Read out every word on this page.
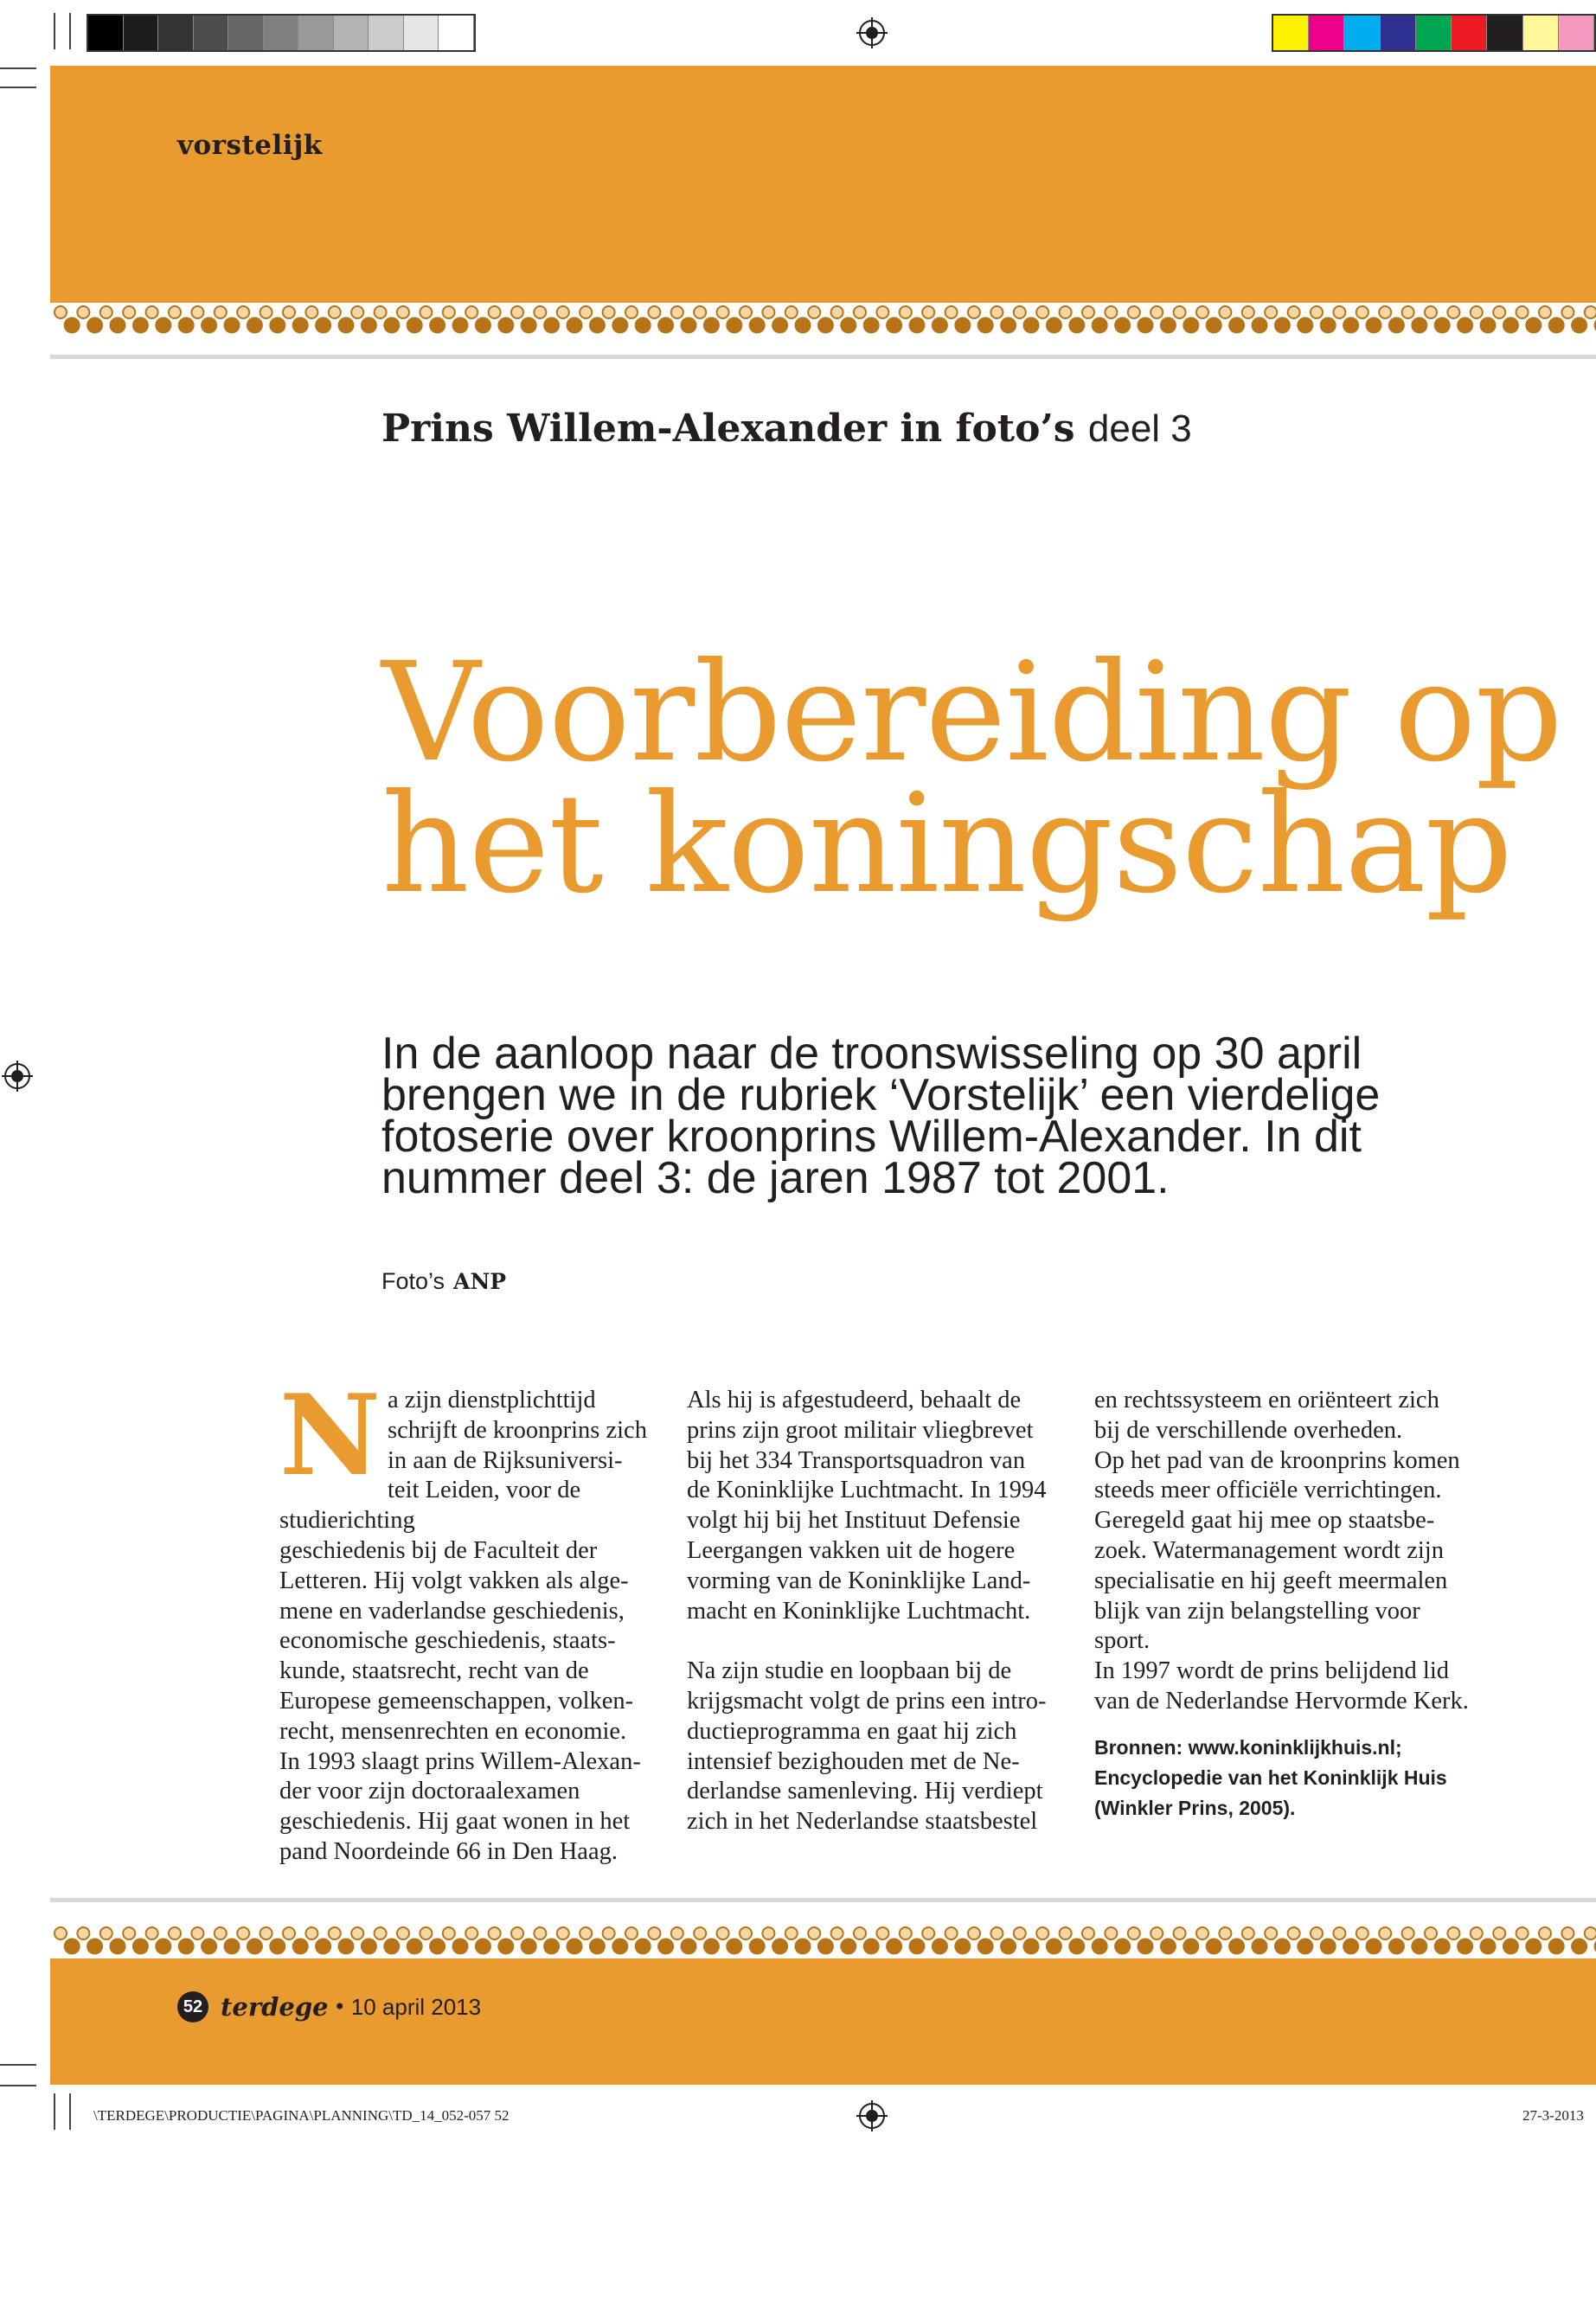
vorstelijk
Prins Willem-Alexander in foto’s deel 3
Voorbereiding op
het koningschap
In de aanloop naar de troonswisseling op 30 april
brengen we in de rubriek ‘Vorstelijk’ een vierdelige
fotoserie over kroonprins Willem-Alexander. In dit
nummer deel 3: de jaren 1987 tot 2001.
Foto’s ANP
N a zijn dienstplichttijd

schrijft de kroonprins zich

in aan de Rijksuniversi-

teit Leiden, voor de studierichting

geschiedenis bij de Faculteit der

Letteren. Hij volgt vakken als alge-

mene en vaderlandse geschiedenis,

economische geschiedenis, staats-

kunde, staatsrecht, recht van de

Europese gemeenschappen, volken-

recht, mensenrechten en economie.

In 1993 slaagt prins Willem-Alexan-

der voor zijn doctoraalexamen

geschiedenis. Hij gaat wonen in het

pand Noordeinde 66 in Den Haag.

Als hij is afgestudeerd, behaalt de

prins zijn groot militair vliegbrevet

bij het 334 Transportsquadron van

de Koninklijke Luchtmacht. In 1994

volgt hij bij het Instituut Defensie

Leergangen vakken uit de hogere

vorming van de Koninklijke Land-

macht en Koninklijke Luchtmacht.

Na zijn studie en loopbaan bij de

krijgsmacht volgt de prins een intro-

ductieprogramma en gaat hij zich

intensief bezighouden met de Ne-

derlandse samenleving. Hij verdiept

zich in het Nederlandse staatsbestel

en rechtssysteem en oriënteert zich

bij de verschillende overheden.

Op het pad van de kroonprins komen

steeds meer officiële verrichtingen.

Geregeld gaat hij mee op staatsbe-

zoek. Watermanagement wordt zijn

specialisatie en hij geeft meermalen

blijk van zijn belangstelling voor

sport.

In 1997 wordt de prins belijdend lid

van de Nederlandse Hervormde Kerk.

Bronnen: www.koninklijkhuis.nl;

Encyclopedie van het Koninklijk Huis

(Winkler Prins, 2005).

52 terdege • 10 april 2013
\TERDEGE\PRODUCTIE\PAGINA\PLANNING\TD_14_052-057 52	27-3-2013
